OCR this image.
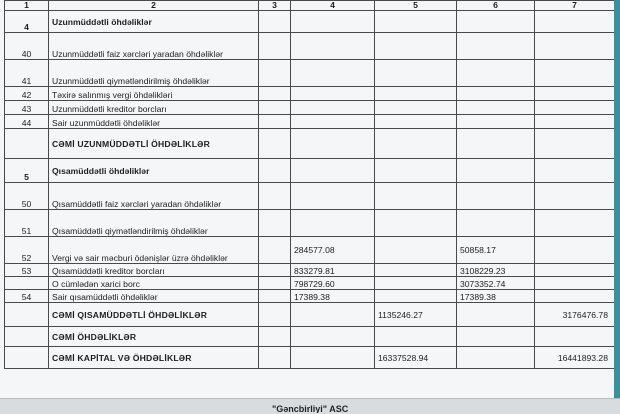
1	2	3	4	5	6	7
4	Uzunmüddətli öhdəliklər					
40	Uzunmüddətli faiz xərcləri yaradan öhdəliklər					
41	Uzunmüddətli qiymətləndirilmiş öhdəliklər					
42	Təxirə salınmış vergi öhdəlikləri					
43	Uzunmüddətli kreditor borcları					
44	Sair uzunmüddətli öhdəliklər					
	CƏMİ UZUNMÜDDƏTLİ ÖHDƏLİKLƏR					
5	Qısamüddətli öhdəliklər					
50	Qısamüddətli faiz xərcləri yaradan öhdəliklər					
51	Qısamüddətli qiymətləndirilmiş öhdəliklər					
52	Vergi və sair məcburi ödənişlər üzrə öhdəliklər		284577.08		50858.17	
53	Qısamüddətli kreditor borcları		833279.81		3108229.23	
	O cümlədən xarici borc		798729.60		3073352.74	
54	Sair qısamüddətli öhdəliklər		17389.38		17389.38	
	CƏMİ QISAMÜDDƏTLİ ÖHDƏLİKLƏR			1135246.27		3176476.78
	CƏMİ ÖHDƏLİKLƏR					
	CƏMİ KAPİTAL VƏ ÖHDƏLİKLƏR			16337528.94		16441893.28
"Gəncbirliyi" ASC
